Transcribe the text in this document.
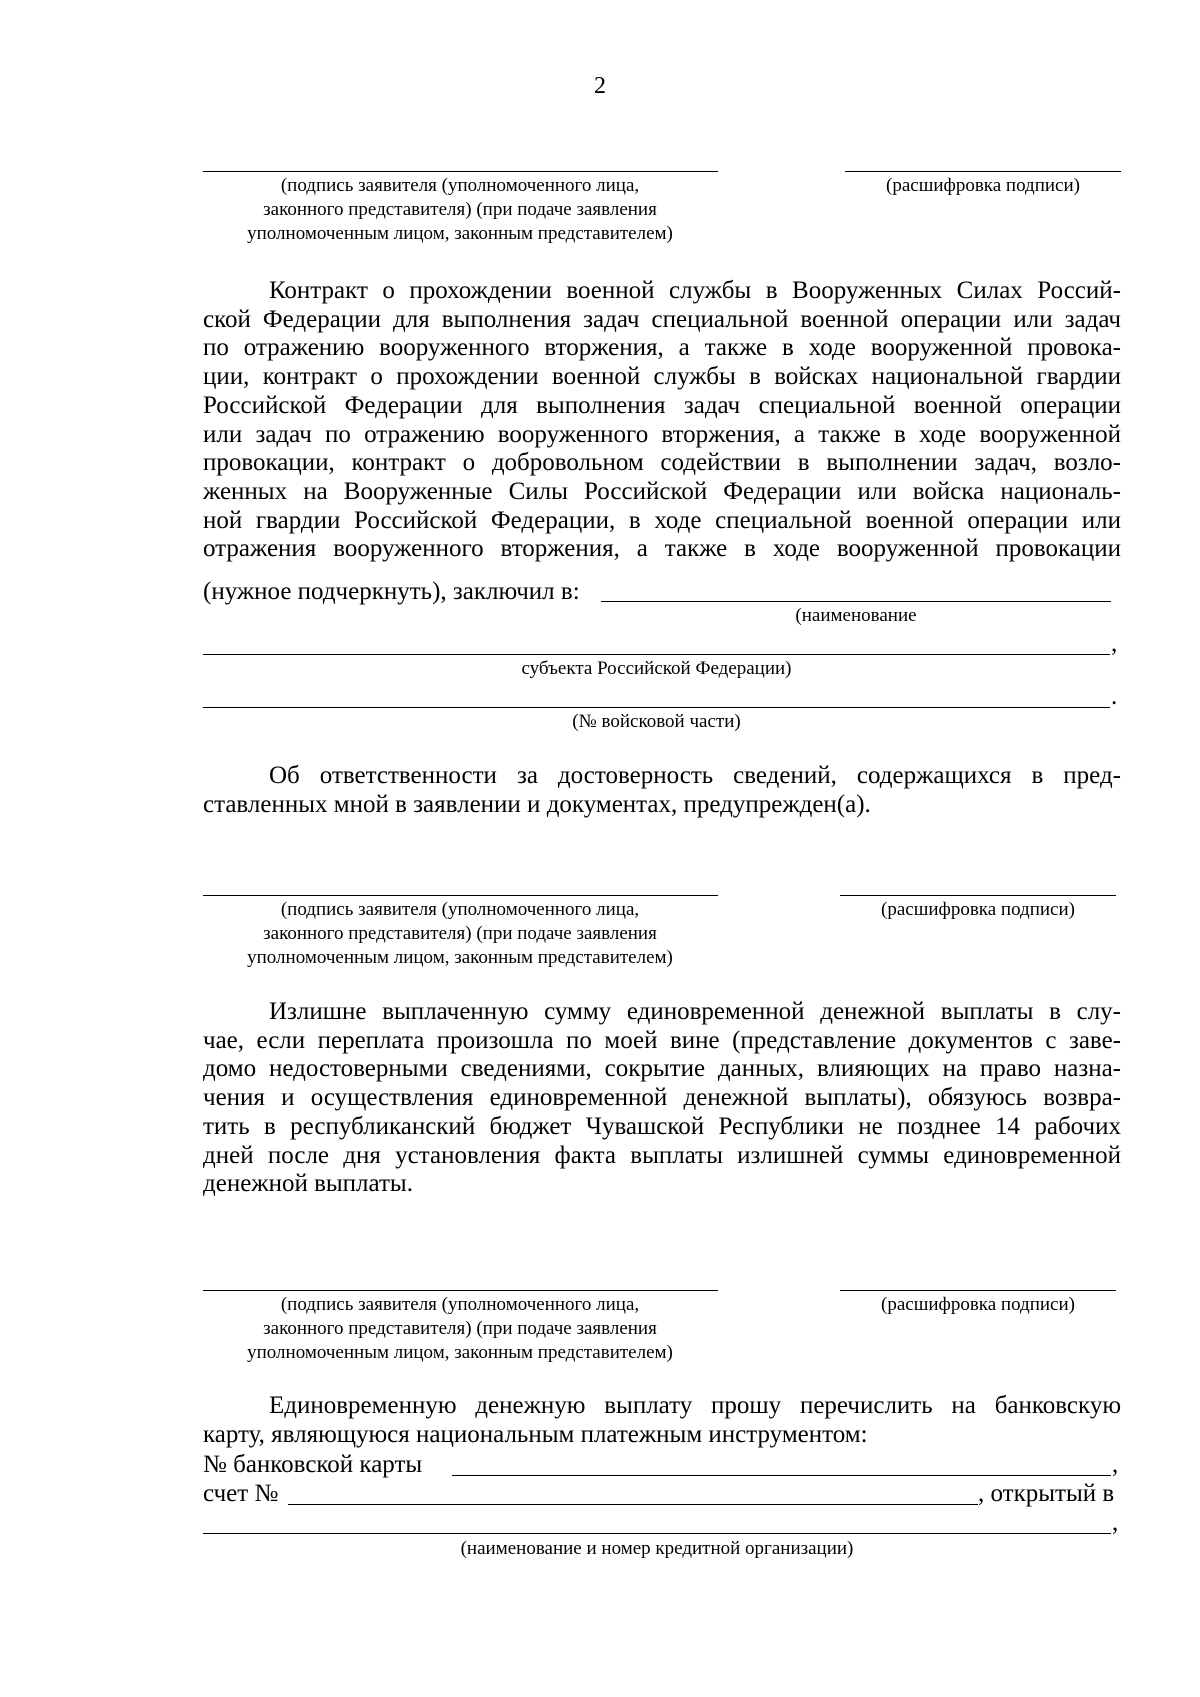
2
(подпись заявителя (уполномоченного лица,
законного представителя) (при подаче заявления
уполномоченным лицом, законным представителем)
(расшифровка подписи)
Контракт о прохождении военной службы в Вооруженных Силах Россий-
ской Федерации для выполнения задач специальной военной операции или задач
по отражению вооруженного вторжения, а также в ходе вооруженной провока-
ции, контракт о прохождении военной службы в войсках национальной гвардии
Российской Федерации для выполнения задач специальной военной операции
или задач по отражению вооруженного вторжения, а также в ходе вооруженной
провокации, контракт о добровольном содействии в выполнении задач, возло-
женных на Вооруженные Силы Российской Федерации или войска националь-
ной гвардии Российской Федерации, в ходе специальной военной операции или
отражения вооруженного вторжения, а также в ходе вооруженной провокации
(нужное подчеркнуть), заключил в:
(наименование
,
субъекта Российской Федерации)
.
(№ войсковой части)
Об ответственности за достоверность сведений, содержащихся в пред-
ставленных мной в заявлении и документах, предупрежден(а).
(подпись заявителя (уполномоченного лица,
законного представителя) (при подаче заявления
уполномоченным лицом, законным представителем)
(расшифровка подписи)
Излишне выплаченную сумму единовременной денежной выплаты в слу-
чае, если переплата произошла по моей вине (представление документов с заве-
домо недостоверными сведениями, сокрытие данных, влияющих на право назна-
чения и осуществления единовременной денежной выплаты), обязуюсь возвра-
тить в республиканский бюджет Чувашской Республики не позднее 14 рабочих
дней после дня установления факта выплаты излишней суммы единовременной
денежной выплаты.
(подпись заявителя (уполномоченного лица,
законного представителя) (при подаче заявления
уполномоченным лицом, законным представителем)
(расшифровка подписи)
Единовременную денежную выплату прошу перечислить на банковскую
карту, являющуюся национальным платежным инструментом:
№ банковской карты	,
счет №	, открытый в
,
(наименование и номер кредитной организации)
